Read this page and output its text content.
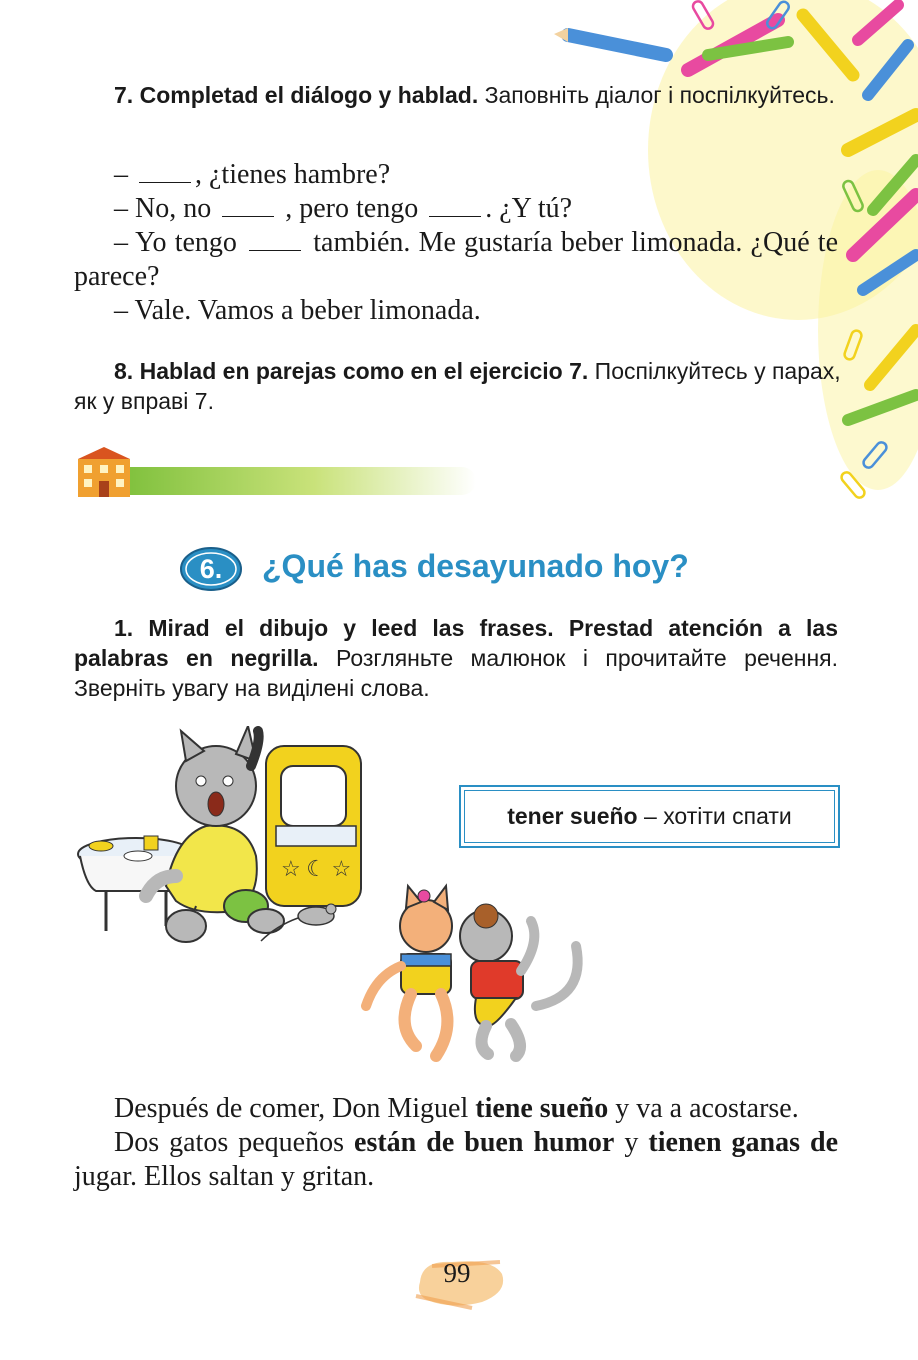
7. Completad el diálogo y hablad. Заповніть діалог і поспілкуйтесь.

– , ¿tienes hambre?

– No, no  , pero tengo . ¿Y tú?

– Yo tengo  también. Me gustaría beber limonada. ¿Qué te parece?

– Vale. Vamos a beber limonada.

8. Hablad en parejas como en el ejercicio 7. Поспілкуйтесь у парах, як у вправі 7.
6.	¿Qué has desayunado hoy?
1. Mirad el dibujo y leed las frases. Prestad atención a las palabras en negrilla. Розгляньте малюнок і прочитайте речення. Зверніть увагу на виділені слова.
☆ ☾ ☆
tener sueño – хотіти спати

Después de comer, Don Miguel tiene sueño y va a acostarse.

Dos gatos pequeños están de buen humor y tienen ganas de jugar. Ellos saltan y gritan.

99
